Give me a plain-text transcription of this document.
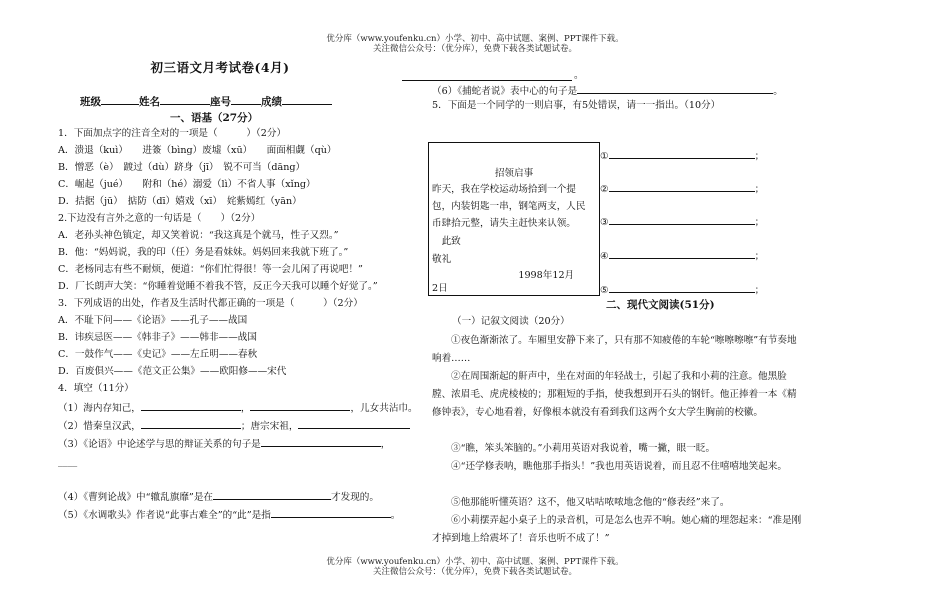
优分库（www.youfenku.cn）小学、初中、高中试题、案例、PPT课件下载。
关注微信公众号：（优分库），免费下载各类试题试卷。
初三语文月考试卷(4月)
班级	姓名	座号	成绩
一、语基（27分）
1．下面加点字的注音全对的一项是（　　　）（2分）
A．溃退（kuì）　　进簽（bìng）废墟（xū）　　面面相觑（qù）
B．憎恶（è）　踱过（dù）跻身（jī）　锐不可当（dāng）
C．崛起（jué）　　附和（hé）溺爱（lì）不省人事（xǐng）
D．拮据（jū）　掂防（dī）嬉戏（xī）　姹紫嫣红（yān）
2.下边没有言外之意的一句话是（　　）（2分）
A．老孙头神色镇定，却又笑着说：“我这真是个就马，性子又烈。”
B．他：“妈妈说，我的印（任）务是看妹妹。妈妈回来我就下班了。”
C．老杨同志有些不耐烦，便道：“你们忙得很！等一会儿闲了再说吧！”
D．厂长朗声大笑：“你睡着觉睡不着我不管，反正今天我可以睡个好觉了。”
3．下列成语的出处，作者及生活时代都正确的一项是（　　　）（2分）
A．不耻下问——《论语》——孔子——战国
B．讳疾忌医——《韩非子》——韩非——战国
C．一鼓作气——《史记》——左丘明——春秋
D．百废俱兴——《范文正公集》——欧阳修——宋代
4．填空（11分）
（1）海内存知己，	，	，儿女共沾巾。
（2）惜秦皇汉武，	；唐宗宋祖，
（3）《论语》中论述学与思的辩证关系的句子是	，
____
（4）《曹刿论战》中“辙乱旗靡”是在	才发现的。
（5）《水调歌头》作者说“此事古难全”的“此”是指	。
。
（6）《捕蛇者说》表中心的句子是	。
5．下面是一个同学的一则启事，有5处错误，请一一指出。（10分）
招领启事
昨天，我在学校运动场拾到一个提
包，内装钥匙一串，钢笔两支，人民
币肆拾元整，请失主赶快来认领。
　此致
敬礼
　　　　　　　　　1998年12月
2日
①	；
②	；
③	；
④	；
⑤	；
二、现代文阅读(51分)
（一）记叙文阅读（20分）
①夜色渐渐浓了。车厢里安静下来了，只有那不知疲倦的车轮“嚓嚓嚓嚓”有节奏地响着……
②在周围渐起的鼾声中，坐在对面的年轻战士，引起了我和小莉的注意。他黑脸膛、浓眉毛、虎虎棱棱的；那粗短的手指，使我想到开石头的钢钎。他正捧着一本《精修钟表》，专心地看着，好像根本就没有看到我们这两个女大学生胸前的校徽。
③“瞧，笨头笨脑的。”小莉用英语对我说着，嘴一撇，眼一眨。
④“还学修表呐，瞧他那手指头！”我也用英语说着，而且忍不住嘻嘻地笑起来。
⑤他那能听懂英语？这不，他又咕咕哝哝地念他的“修表经”来了。
⑥小莉摆弄起小桌子上的录音机，可是怎么也弄不响。她心痛的埋怨起来：“准是刚才掉到地上给震坏了！音乐也听不成了！”
优分库（www.youfenku.cn）小学、初中、高中试题、案例、PPT课件下载。
关注微信公众号：（优分库），免费下载各类试题试卷。
